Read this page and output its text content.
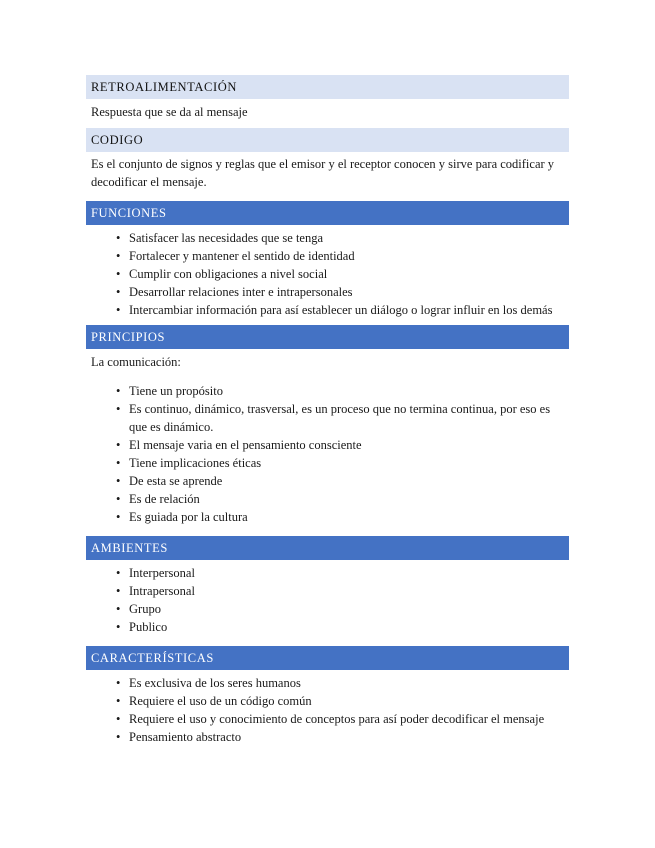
RETROALIMENTACIÓN

Respuesta que se da al mensaje

CODIGO

Es el conjunto de signos y reglas que el emisor y el receptor conocen y sirve para codificar y decodificar el mensaje.

FUNCIONES
• Satisfacer las necesidades que se tenga
• Fortalecer y mantener el sentido de identidad
• Cumplir con obligaciones a nivel social
• Desarrollar relaciones inter e intrapersonales
• Intercambiar información para así establecer un diálogo o lograr influir en los demás
PRINCIPIOS

La comunicación:

• Tiene un propósito
• Es continuo, dinámico, trasversal, es un proceso que no termina continua, por eso es que es dinámico.
• El mensaje varia en el pensamiento consciente
• Tiene implicaciones éticas
• De esta se aprende
• Es de relación
• Es guiada por la cultura
AMBIENTES
• Interpersonal
• Intrapersonal
• Grupo
• Publico
CARACTERÍSTICAS
• Es exclusiva de los seres humanos
• Requiere el uso de un código común
• Requiere el uso y conocimiento de conceptos para así poder decodificar el mensaje
• Pensamiento abstracto
